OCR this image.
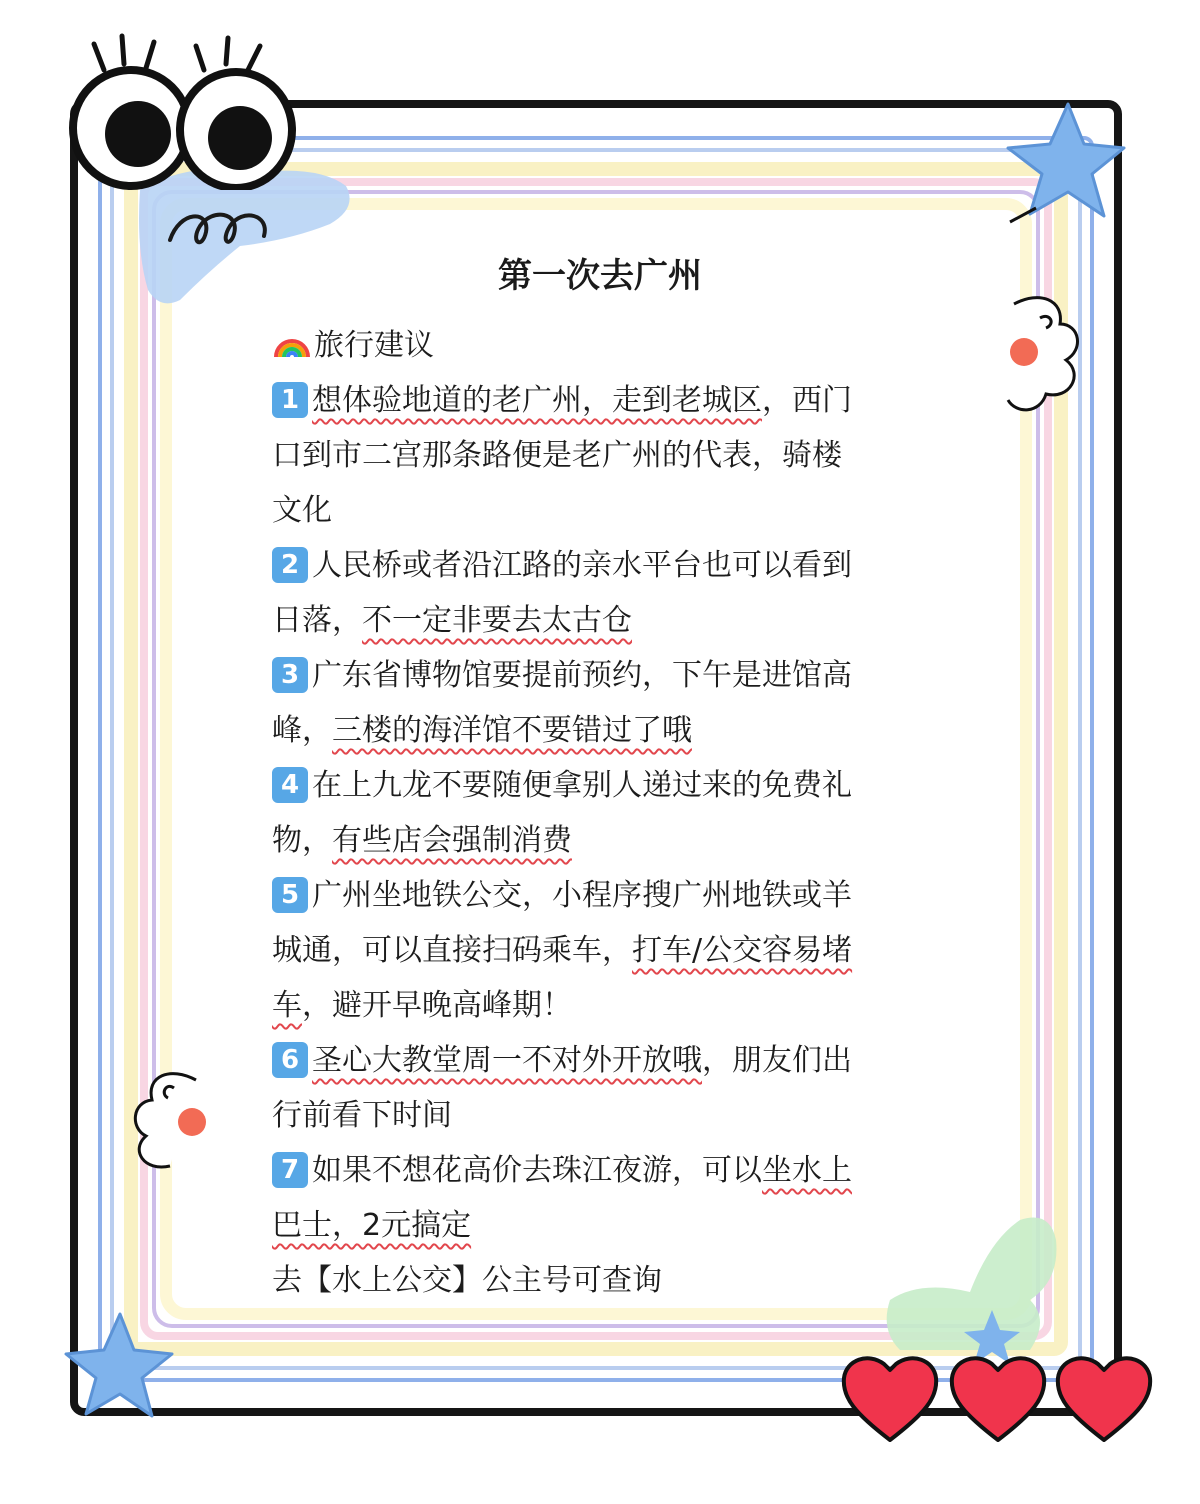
第一次去广州
旅行建议
1 想体验地道的老广州，走到老城区，西门
口到市二宫那条路便是老广州的代表，骑楼
文化
2 人民桥或者沿江路的亲水平台也可以看到
日落，不一定非要去太古仓
3 广东省博物馆要提前预约，下午是进馆高
峰，三楼的海洋馆不要错过了哦
4 在上九龙不要随便拿别人递过来的免费礼
物，有些店会强制消费
5 广州坐地铁公交，小程序搜广州地铁或羊
城通，可以直接扫码乘车，打车/公交容易堵
车，避开早晚高峰期！
6 圣心大教堂周一不对外开放哦，朋友们出
行前看下时间
7 如果不想花高价去珠江夜游，可以坐水上
巴士，2元搞定
去【水上公交】公主号可查询
